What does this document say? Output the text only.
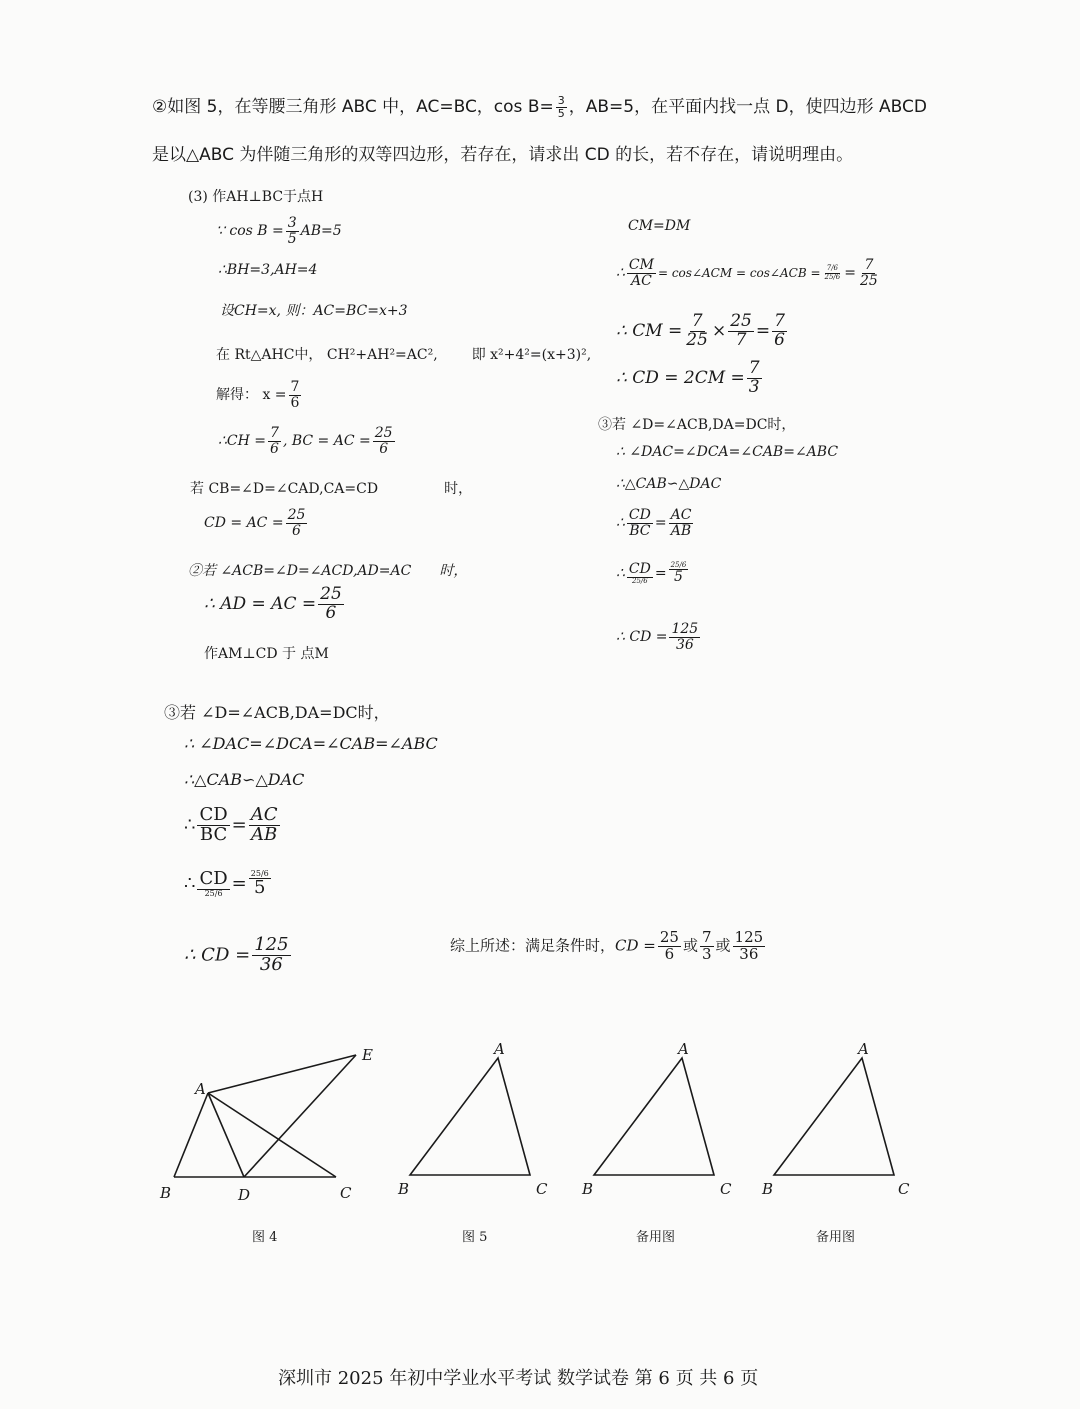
②如图 5，在等腰三角形 ABC 中，AC=BC，$\cos B= \frac{3}{5}$ ，AB=5，在平面内找一点 D，使四边形 ABCD
是以△ABC 为伴随三角形的双等四边形，若存在，请求出 CD 的长，若不存在，请说明理由。
(3) 作AH⊥BC于点H
∵ $\cos B = \frac{3}{5} AB=5$
∴BH=3,AH=4
设CH=x, 则：AC=BC=x+3
在 Rt△AHC中， CH²+AH²=AC², 即 x²+4²=(x+3)²,
解得： $x = \frac{7}{6}$
∴CH = $\frac{7}{6}$ , BC = AC = $\frac{25}{6}$
若 CB=∠D=∠CAD,CA=CD	时，
CD = AC = $\frac{25}{6}$
②若 ∠ACB=∠D=∠ACD,AD=AC 时，
∴ AD = AC = $\frac{25}{6}$
作AM⊥CD 于 点M
CM=DM
∴ $\frac{CM}{AC}$ = cos∠ACM = cos∠ACB = $\frac{7/6}{25/6} = \frac{7}{25}$
∴ CM = $\frac{7}{25} \times \frac{25}{7} = \frac{7}{6}$
∴ CD = $2CM = \frac{7}{3}$
③若 ∠D=∠ACB,DA=DC时，
∴ ∠DAC=∠DCA=∠CAB=∠ABC
∴△CAB∽△DAC
∴ $\frac{CD}{BC} = \frac{AC}{AB}$
∴ $\frac{CD}{25/6} = \frac{25/6}{5}$
∴ CD = $\frac{125}{36}$
③若 ∠D=∠ACB,DA=DC时，
∴ ∠DAC=∠DCA=∠CAB=∠ABC
∴△CAB∽△DAC
∴ $\frac{CD}{BC} = \frac{AC}{AB}$
∴ $\frac{CD}{25/6} = \frac{25/6}{5}$
∴ CD = $\frac{125}{36}$	综上所述：满足条件时，CD = $\frac{25}{6}$ 或 $\frac{7}{3}$ 或 $\frac{125}{36}$
A
B	C
D
E
图 4
A
B	C
图 5
A
B	C
备用图
A
B	C
备用图
深圳市 2025 年初中学业水平考试 数学试卷 第 6 页 共 6 页
